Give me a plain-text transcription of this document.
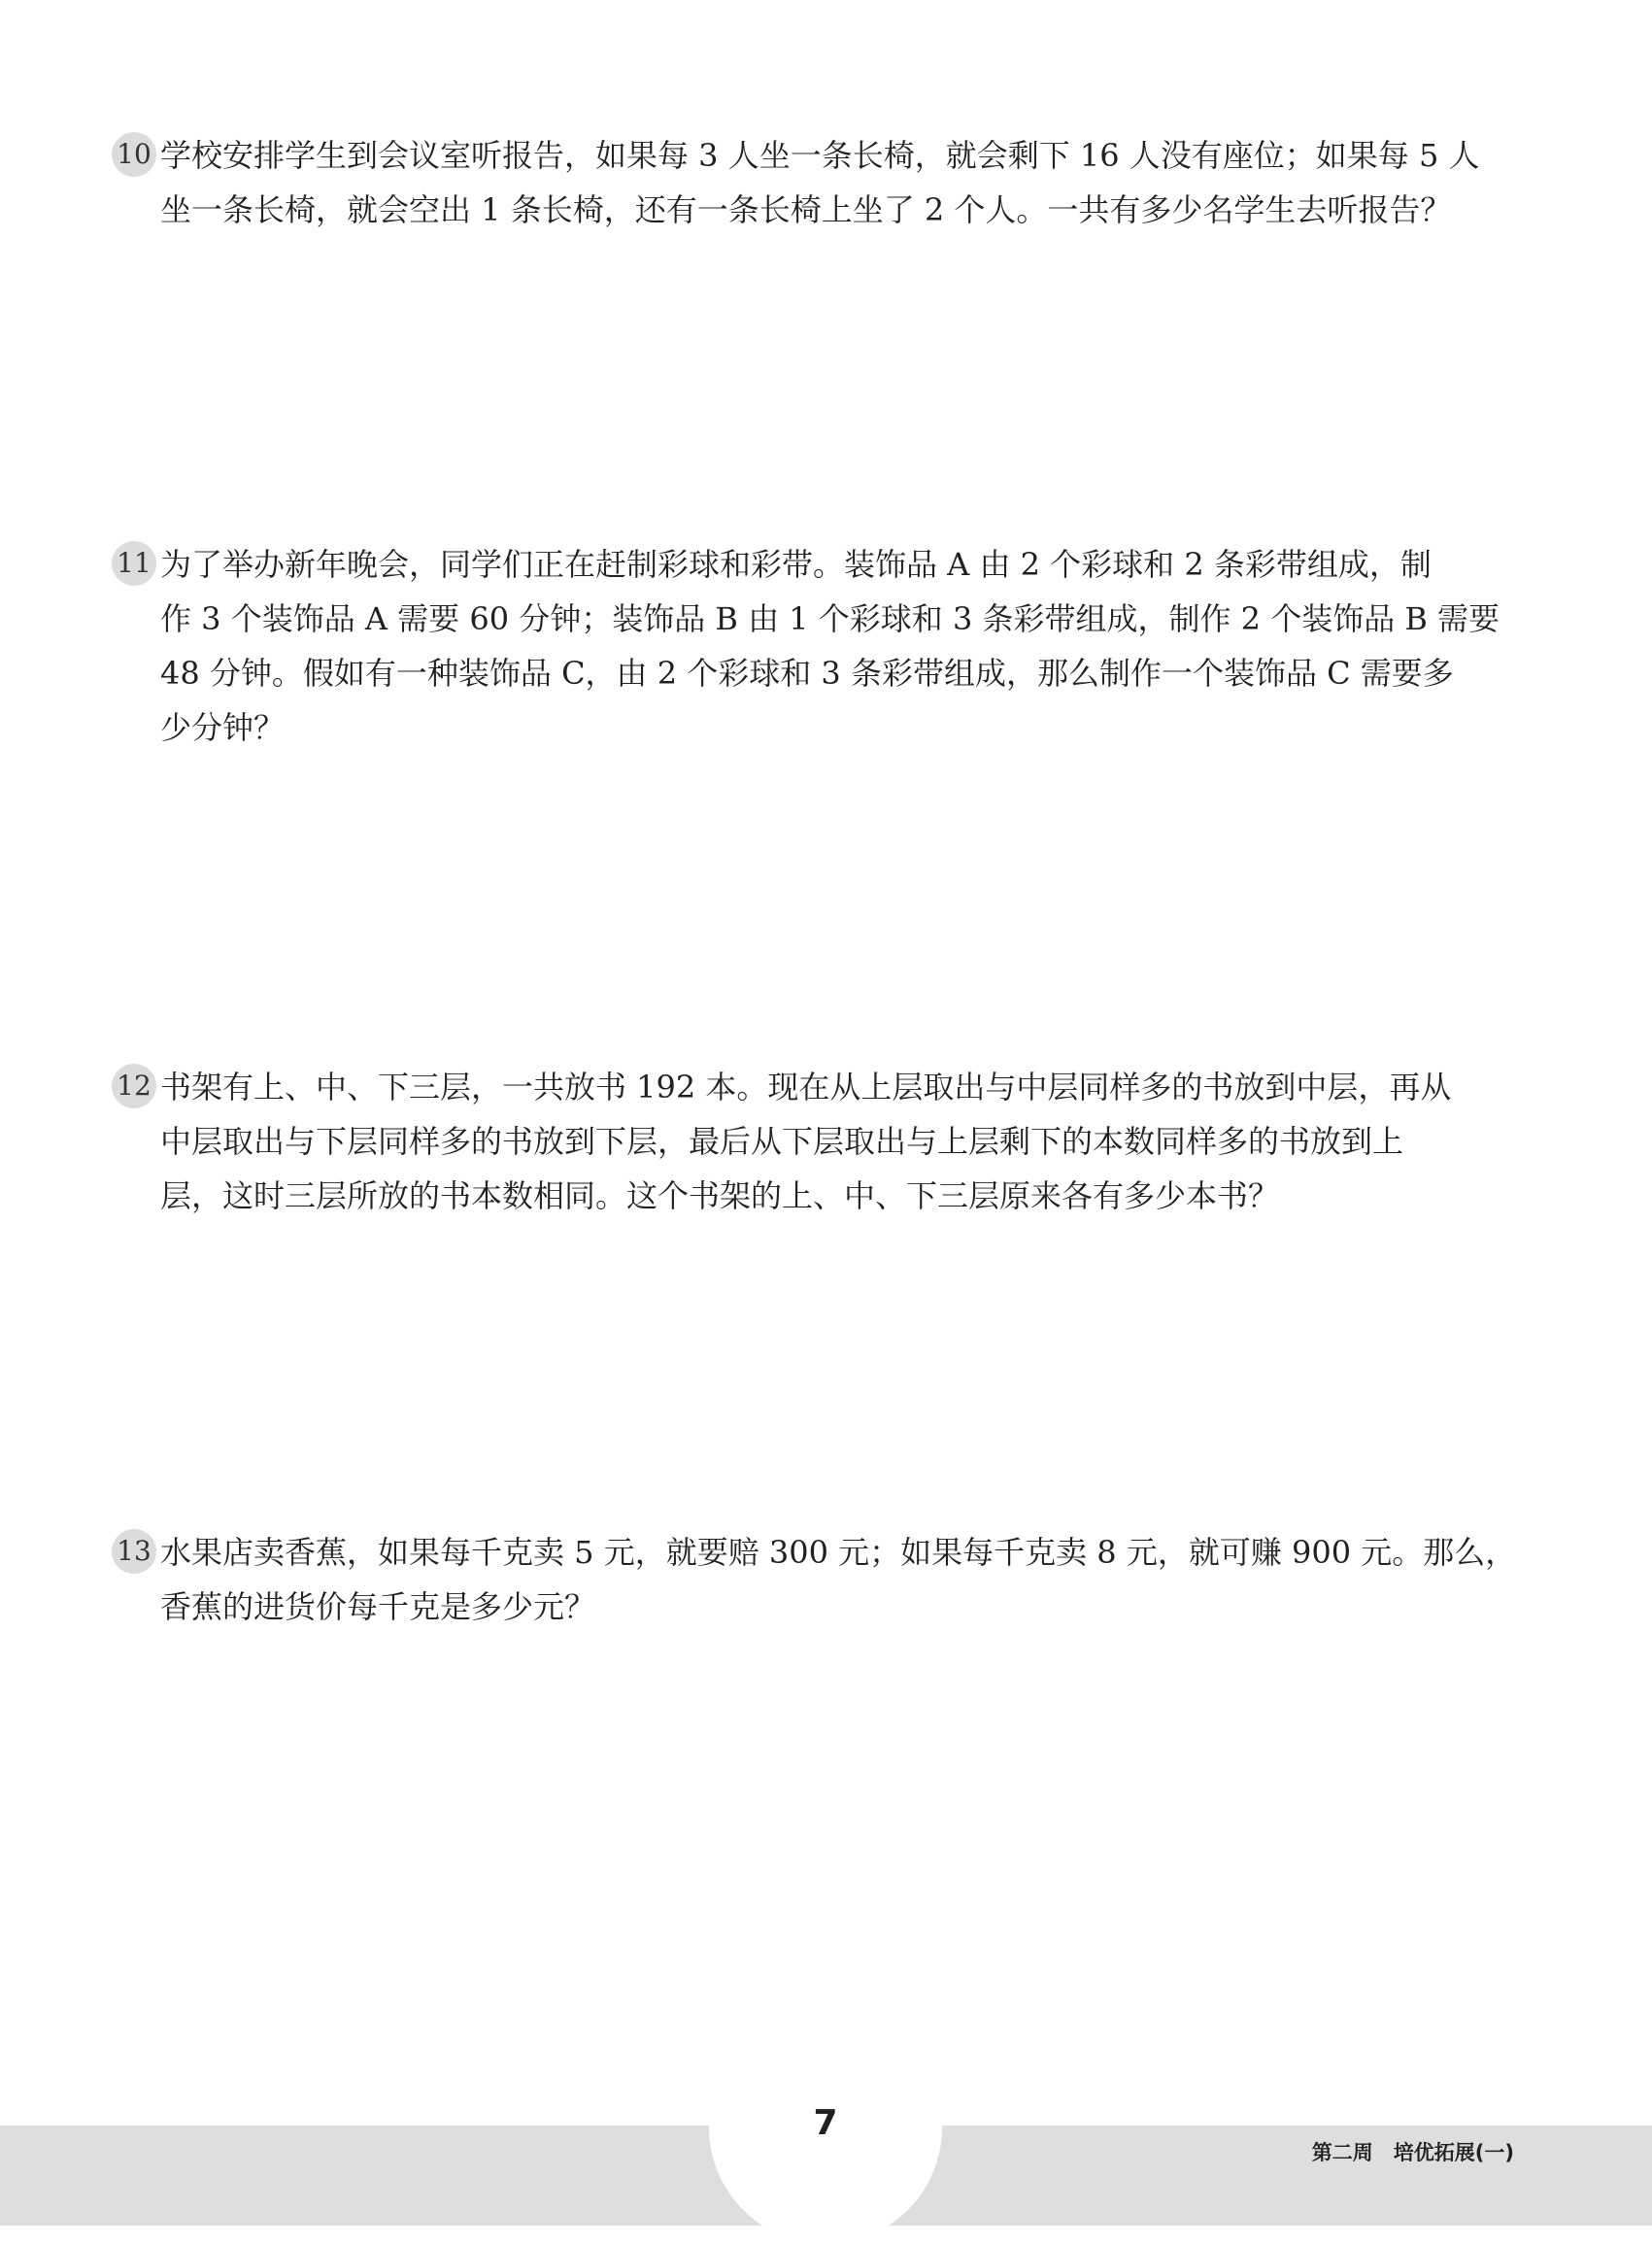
10 学校安排学生到会议室听报告，如果每 3 人坐一条长椅，就会剩下 16 人没有座位；如果每 5 人
坐一条长椅，就会空出 1 条长椅，还有一条长椅上坐了 2 个人。一共有多少名学生去听报告？
11 为了举办新年晚会，同学们正在赶制彩球和彩带。装饰品 A 由 2 个彩球和 2 条彩带组成，制
作 3 个装饰品 A 需要 60 分钟；装饰品 B 由 1 个彩球和 3 条彩带组成，制作 2 个装饰品 B 需要
48 分钟。假如有一种装饰品 C，由 2 个彩球和 3 条彩带组成，那么制作一个装饰品 C 需要多
少分钟？
12 书架有上、中、下三层，一共放书 192 本。现在从上层取出与中层同样多的书放到中层，再从
中层取出与下层同样多的书放到下层，最后从下层取出与上层剩下的本数同样多的书放到上
层，这时三层所放的书本数相同。这个书架的上、中、下三层原来各有多少本书？
13 水果店卖香蕉，如果每千克卖 5 元，就要赔 300 元；如果每千克卖 8 元，就可赚 900 元。那么，
香蕉的进货价每千克是多少元？
7
第二周　培优拓展(一)
